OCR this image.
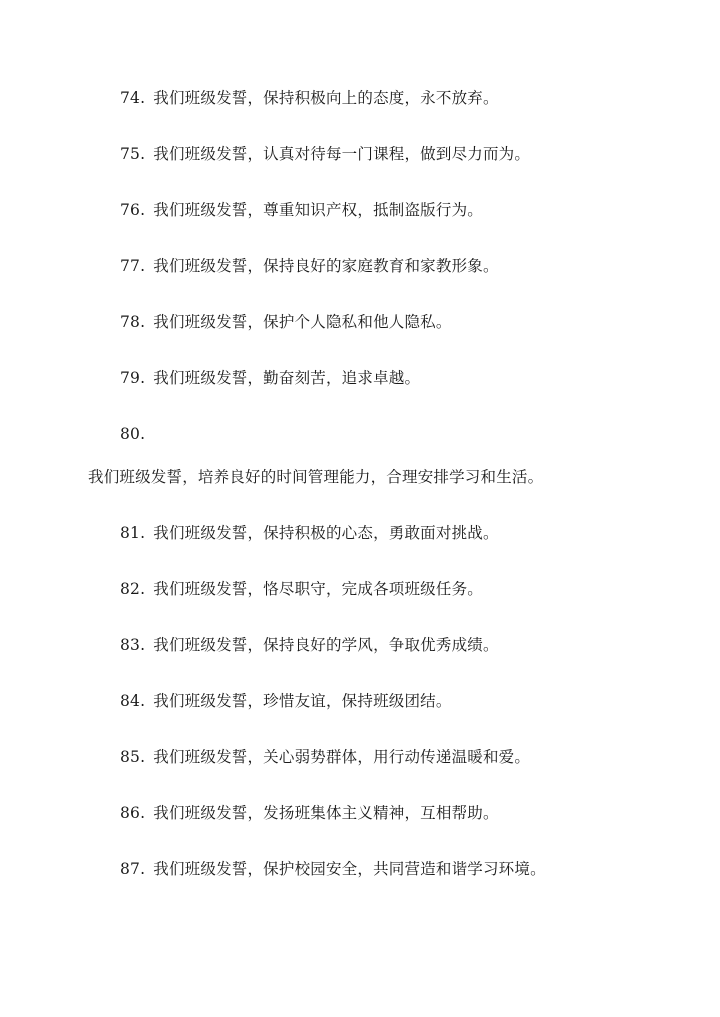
74. 我们班级发誓，保持积极向上的态度，永不放弃。
75. 我们班级发誓，认真对待每一门课程，做到尽力而为。
76. 我们班级发誓，尊重知识产权，抵制盗版行为。
77. 我们班级发誓，保持良好的家庭教育和家教形象。
78. 我们班级发誓，保护个人隐私和他人隐私。
79. 我们班级发誓，勤奋刻苦，追求卓越。
80.
我们班级发誓，培养良好的时间管理能力，合理安排学习和生活。
81. 我们班级发誓，保持积极的心态，勇敢面对挑战。
82. 我们班级发誓，恪尽职守，完成各项班级任务。
83. 我们班级发誓，保持良好的学风，争取优秀成绩。
84. 我们班级发誓，珍惜友谊，保持班级团结。
85. 我们班级发誓，关心弱势群体，用行动传递温暖和爱。
86. 我们班级发誓，发扬班集体主义精神，互相帮助。
87. 我们班级发誓，保护校园安全，共同营造和谐学习环境。
